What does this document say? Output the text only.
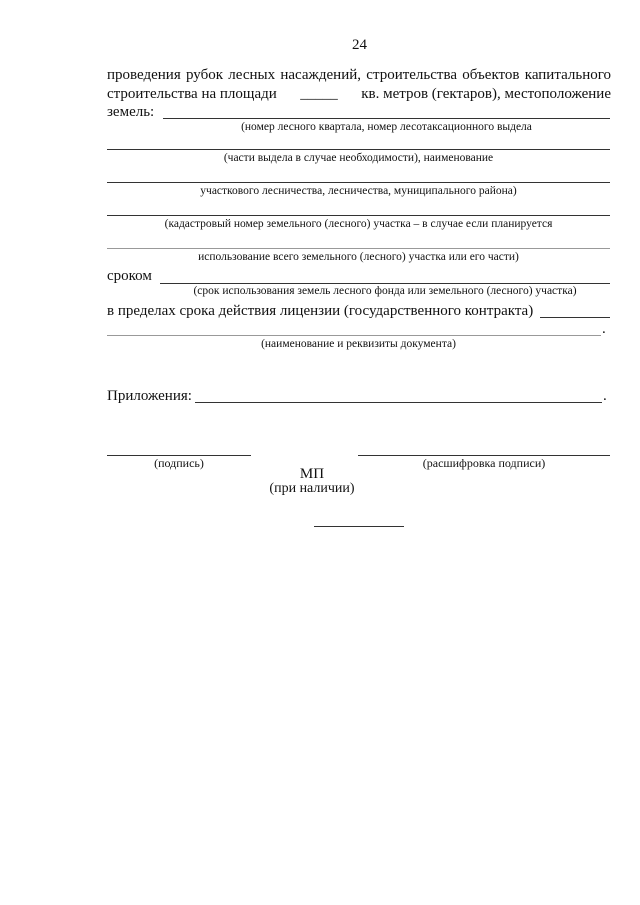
24
проведения рубок лесных насаждений, строительства объектов капитального
строительства на площади _____ кв. метров (гектаров), местоположение
земель:
(номер лесного квартала, номер лесотаксационного выдела
(части выдела в случае необходимости), наименование
участкового лесничества, лесничества, муниципального района)
(кадастровый номер земельного (лесного) участка – в случае если планируется
использование всего земельного (лесного) участка или его части)
сроком
(срок использования земель лесного фонда или земельного (лесного) участка)
в пределах срока действия лицензии (государственного контракта)
.
(наименование и реквизиты документа)
Приложения:	.
(подпись)	(расшифровка подписи)
МП
(при наличии)
